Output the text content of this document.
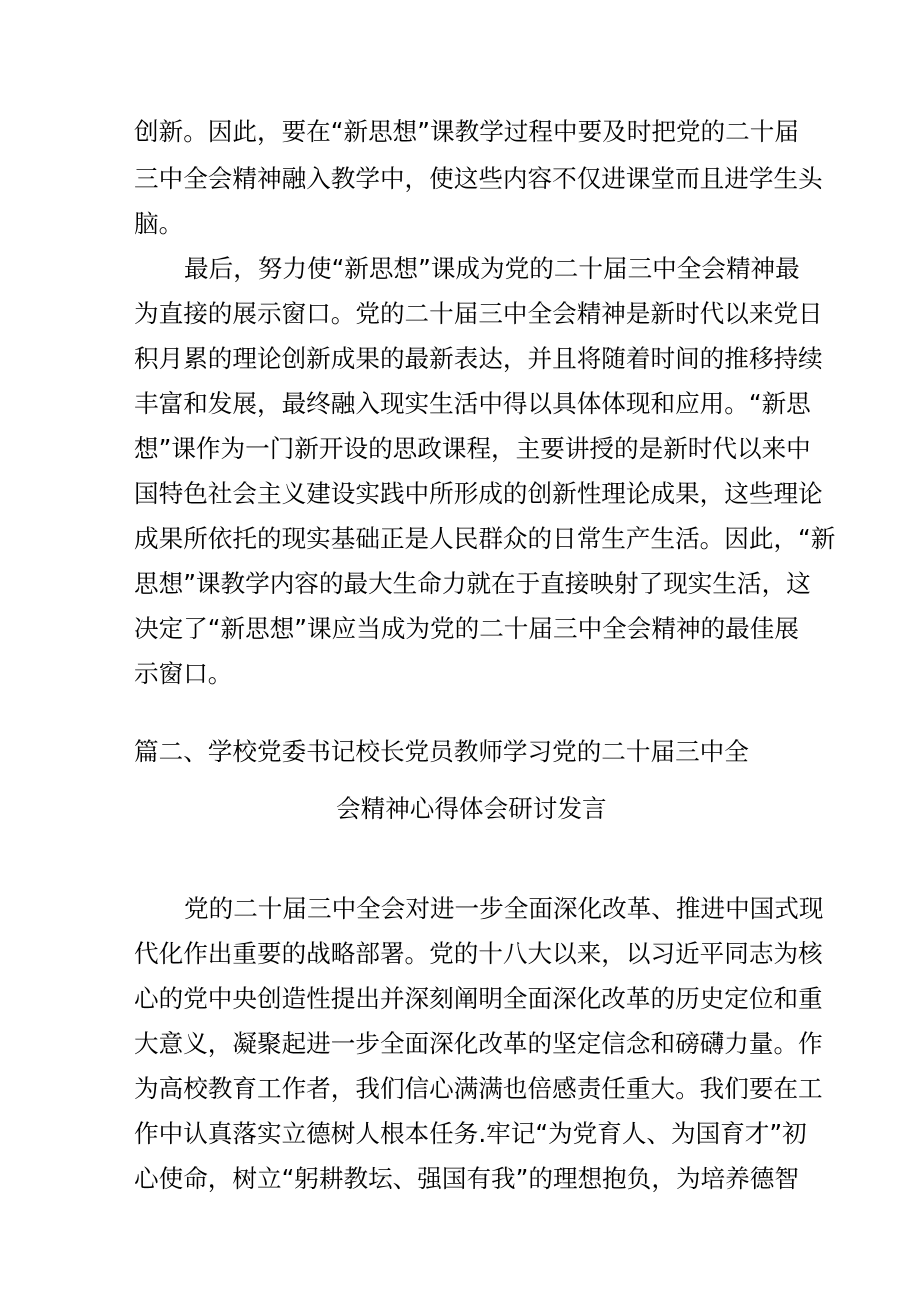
创新。因此，要在“新思想”课教学过程中要及时把党的二十届
三中全会精神融入教学中，使这些内容不仅进课堂而且进学生头
脑。
最后，努力使“新思想”课成为党的二十届三中全会精神最
为直接的展示窗口。党的二十届三中全会精神是新时代以来党日
积月累的理论创新成果的最新表达，并且将随着时间的推移持续
丰富和发展，最终融入现实生活中得以具体体现和应用。“新思
想”课作为一门新开设的思政课程，主要讲授的是新时代以来中
国特色社会主义建设实践中所形成的创新性理论成果，这些理论
成果所依托的现实基础正是人民群众的日常生产生活。因此，“新
思想”课教学内容的最大生命力就在于直接映射了现实生活，这
决定了“新思想”课应当成为党的二十届三中全会精神的最佳展
示窗口。
篇二、学校党委书记校长党员教师学习党的二十届三中全
会精神心得体会研讨发言
党的二十届三中全会对进一步全面深化改革、推进中国式现
代化作出重要的战略部署。党的十八大以来，以习近平同志为核
心的党中央创造性提出并深刻阐明全面深化改革的历史定位和重
大意义，凝聚起进一步全面深化改革的坚定信念和磅礴力量。作
为高校教育工作者，我们信心满满也倍感责任重大。我们要在工
作中认真落实立德树人根本任务.牢记“为党育人、为国育才”初
心使命，树立“躬耕教坛、强国有我”的理想抱负，为培养德智
